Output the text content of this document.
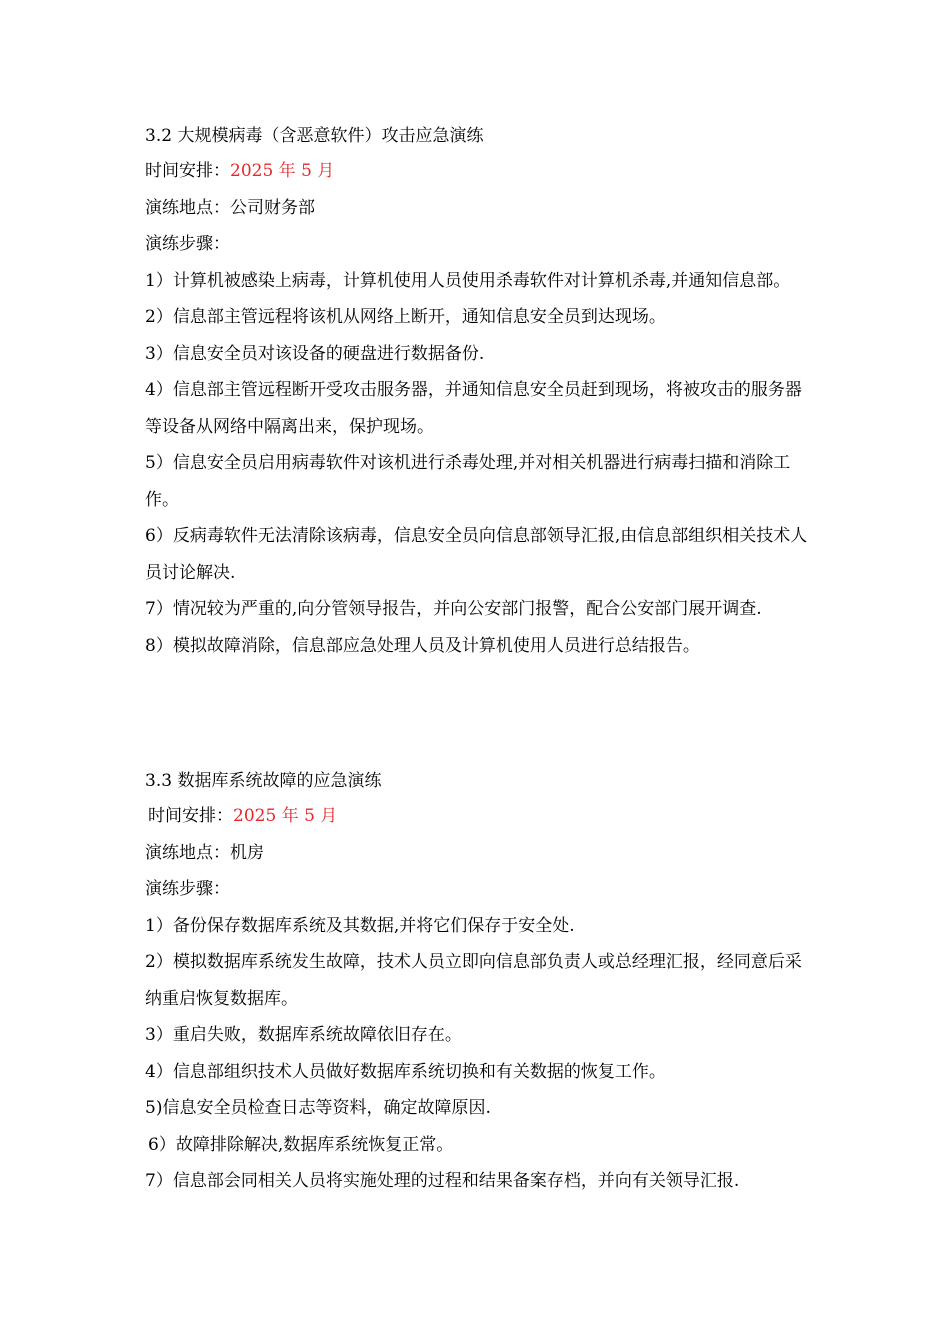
3.2 大规模病毒（含恶意软件）攻击应急演练
时间安排：2025 年 5 月
演练地点：公司财务部
演练步骤：
1）计算机被感染上病毒，计算机使用人员使用杀毒软件对计算机杀毒,并通知信息部。
2）信息部主管远程将该机从网络上断开，通知信息安全员到达现场。
3）信息安全员对该设备的硬盘进行数据备份.
4）信息部主管远程断开受攻击服务器，并通知信息安全员赶到现场，将被攻击的服务器等设备从网络中隔离出来，保护现场。
5）信息安全员启用病毒软件对该机进行杀毒处理,并对相关机器进行病毒扫描和消除工作。
6）反病毒软件无法清除该病毒，信息安全员向信息部领导汇报,由信息部组织相关技术人员讨论解决.
7）情况较为严重的,向分管领导报告，并向公安部门报警，配合公安部门展开调查.
8）模拟故障消除，信息部应急处理人员及计算机使用人员进行总结报告。
3.3 数据库系统故障的应急演练
时间安排：2025 年 5 月
演练地点：机房
演练步骤：
1）备份保存数据库系统及其数据,并将它们保存于安全处.
2）模拟数据库系统发生故障，技术人员立即向信息部负责人或总经理汇报，经同意后采纳重启恢复数据库。
3）重启失败，数据库系统故障依旧存在。
4）信息部组织技术人员做好数据库系统切换和有关数据的恢复工作。
5)信息安全员检查日志等资料，确定故障原因.
6）故障排除解决,数据库系统恢复正常。
7）信息部会同相关人员将实施处理的过程和结果备案存档，并向有关领导汇报.
